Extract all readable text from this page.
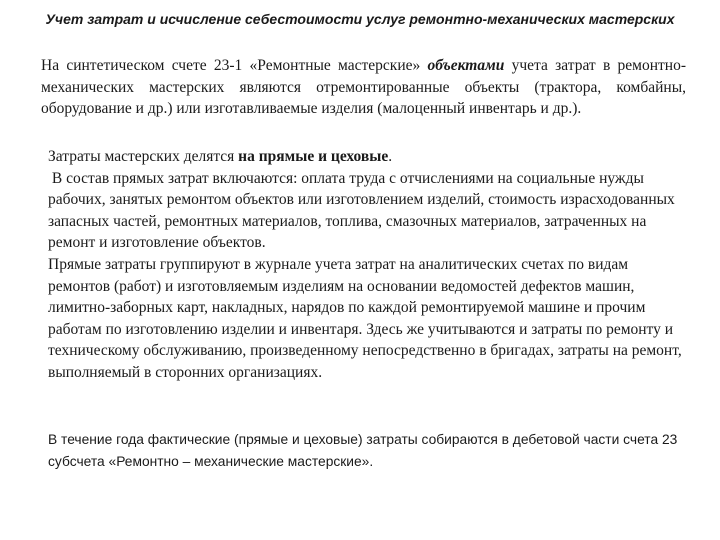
Учет затрат и исчисление себестоимости услуг ремонтно-механических мастерских

На синтетическом счете 23-1 «Ремонтные мастерские» объектами учета затрат в ремонтно-механических мастерских являются отремонтированные объекты (трактора, комбайны, оборудование и др.) или изготавливаемые изделия (малоценный инвентарь и др.).

Затраты мастерских делятся на прямые и цеховые.

В состав прямых затрат включаются: оплата труда с отчислениями на социальные нужды рабочих, занятых ремонтом объектов или изготовлением изделий, стоимость израсходованных запасных частей, ремонтных материалов, топлива, смазочных материалов, затраченных на ремонт и изготовление объектов.

Прямые затраты группируют в журнале учета затрат на аналитических счетах по видам ремонтов (работ) и изготовляемым изделиям на основании ведомостей дефектов машин, лимитно-заборных карт, накладных, нарядов по каждой ремонтируемой машине и прочим работам по изготовлению изделии и инвентаря. Здесь же учитываются и затраты по ремонту и техническому обслуживанию, произведенному непосредственно в бригадах, затраты на ремонт, выполняемый в сторонних организациях.

В течение года фактические (прямые и цеховые) затраты собираются в дебетовой части счета 23 субсчета «Ремонтно – механические мастерские».
